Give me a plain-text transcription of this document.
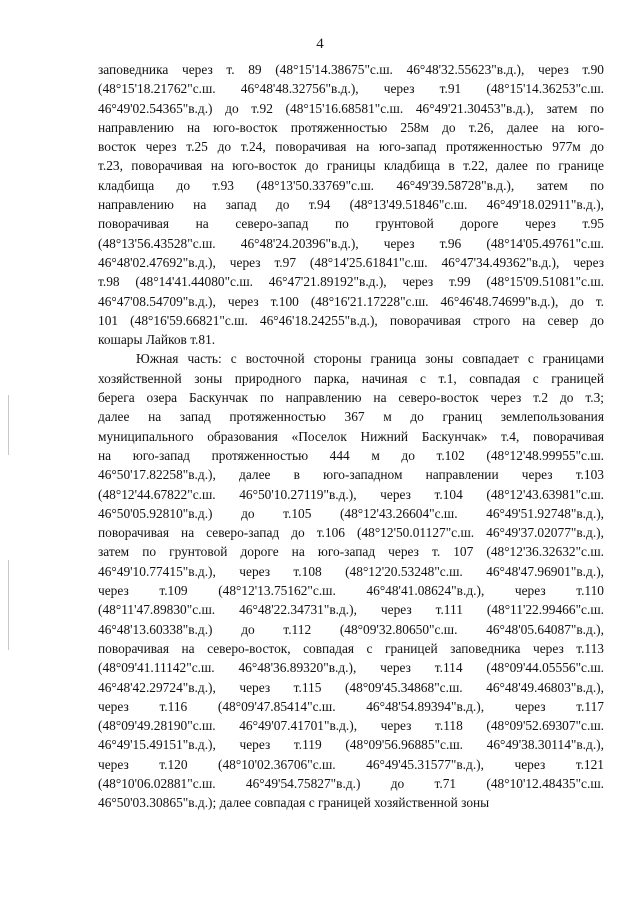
4
заповедника через т. 89 (48°15'14.38675"с.ш. 46°48'32.55623"в.д.), через т.90
(48°15'18.21762"с.ш. 46°48'48.32756"в.д.), через т.91 (48°15'14.36253"с.ш.
46°49'02.54365"в.д.) до т.92 (48°15'16.68581"с.ш. 46°49'21.30453"в.д.), затем по
направлению на юго-восток протяженностью 258м до т.26, далее на юго-
восток через т.25 до т.24, поворачивая на юго-запад протяженностью 977м до
т.23, поворачивая на юго-восток до границы кладбища в т.22, далее по границе
кладбища до т.93 (48°13'50.33769"с.ш. 46°49'39.58728"в.д.), затем по
направлению на запад до т.94 (48°13'49.51846"с.ш. 46°49'18.02911"в.д.),
поворачивая на северо-запад по грунтовой дороге через т.95
(48°13'56.43528"с.ш. 46°48'24.20396"в.д.), через т.96 (48°14'05.49761"с.ш.
46°48'02.47692"в.д.), через т.97 (48°14'25.61841"с.ш. 46°47'34.49362"в.д.), через
т.98 (48°14'41.44080"с.ш. 46°47'21.89192"в.д.), через т.99 (48°15'09.51081"с.ш.
46°47'08.54709"в.д.), через т.100 (48°16'21.17228"с.ш. 46°46'48.74699"в.д.), до т.
101 (48°16'59.66821"с.ш. 46°46'18.24255"в.д.), поворачивая строго на север до
кошары Лайков т.81.
Южная часть: с восточной стороны граница зоны совпадает с границами
хозяйственной зоны природного парка, начиная с т.1, совпадая с границей
берега озера Баскунчак по направлению на северо-восток через т.2 до т.3;
далее на запад протяженностью 367 м до границ землепользования
муниципального образования «Поселок Нижний Баскунчак» т.4, поворачивая
на юго-запад протяженностью 444 м до т.102 (48°12'48.99955"с.ш.
46°50'17.82258"в.д.), далее в юго-западном направлении через т.103
(48°12'44.67822"с.ш. 46°50'10.27119"в.д.), через т.104 (48°12'43.63981"с.ш.
46°50'05.92810"в.д.) до т.105 (48°12'43.26604"с.ш. 46°49'51.92748"в.д.),
поворачивая на северо-запад до т.106 (48°12'50.01127"с.ш. 46°49'37.02077"в.д.),
затем по грунтовой дороге на юго-запад через т. 107 (48°12'36.32632"с.ш.
46°49'10.77415"в.д.), через т.108 (48°12'20.53248"с.ш. 46°48'47.96901"в.д.),
через т.109 (48°12'13.75162"с.ш. 46°48'41.08624"в.д.), через т.110
(48°11'47.89830"с.ш. 46°48'22.34731"в.д.), через т.111 (48°11'22.99466"с.ш.
46°48'13.60338"в.д.) до т.112 (48°09'32.80650"с.ш. 46°48'05.64087"в.д.),
поворачивая на северо-восток, совпадая с границей заповедника через т.113
(48°09'41.11142"с.ш. 46°48'36.89320"в.д.), через т.114 (48°09'44.05556"с.ш.
46°48'42.29724"в.д.), через т.115 (48°09'45.34868"с.ш. 46°48'49.46803"в.д.),
через т.116 (48°09'47.85414"с.ш. 46°48'54.89394"в.д.), через т.117
(48°09'49.28190"с.ш. 46°49'07.41701"в.д.), через т.118 (48°09'52.69307"с.ш.
46°49'15.49151"в.д.), через т.119 (48°09'56.96885"с.ш. 46°49'38.30114"в.д.),
через т.120 (48°10'02.36706"с.ш. 46°49'45.31577"в.д.), через т.121
(48°10'06.02881"с.ш. 46°49'54.75827"в.д.) до т.71 (48°10'12.48435"с.ш.
46°50'03.30865"в.д.); далее совпадая с границей хозяйственной зоны
